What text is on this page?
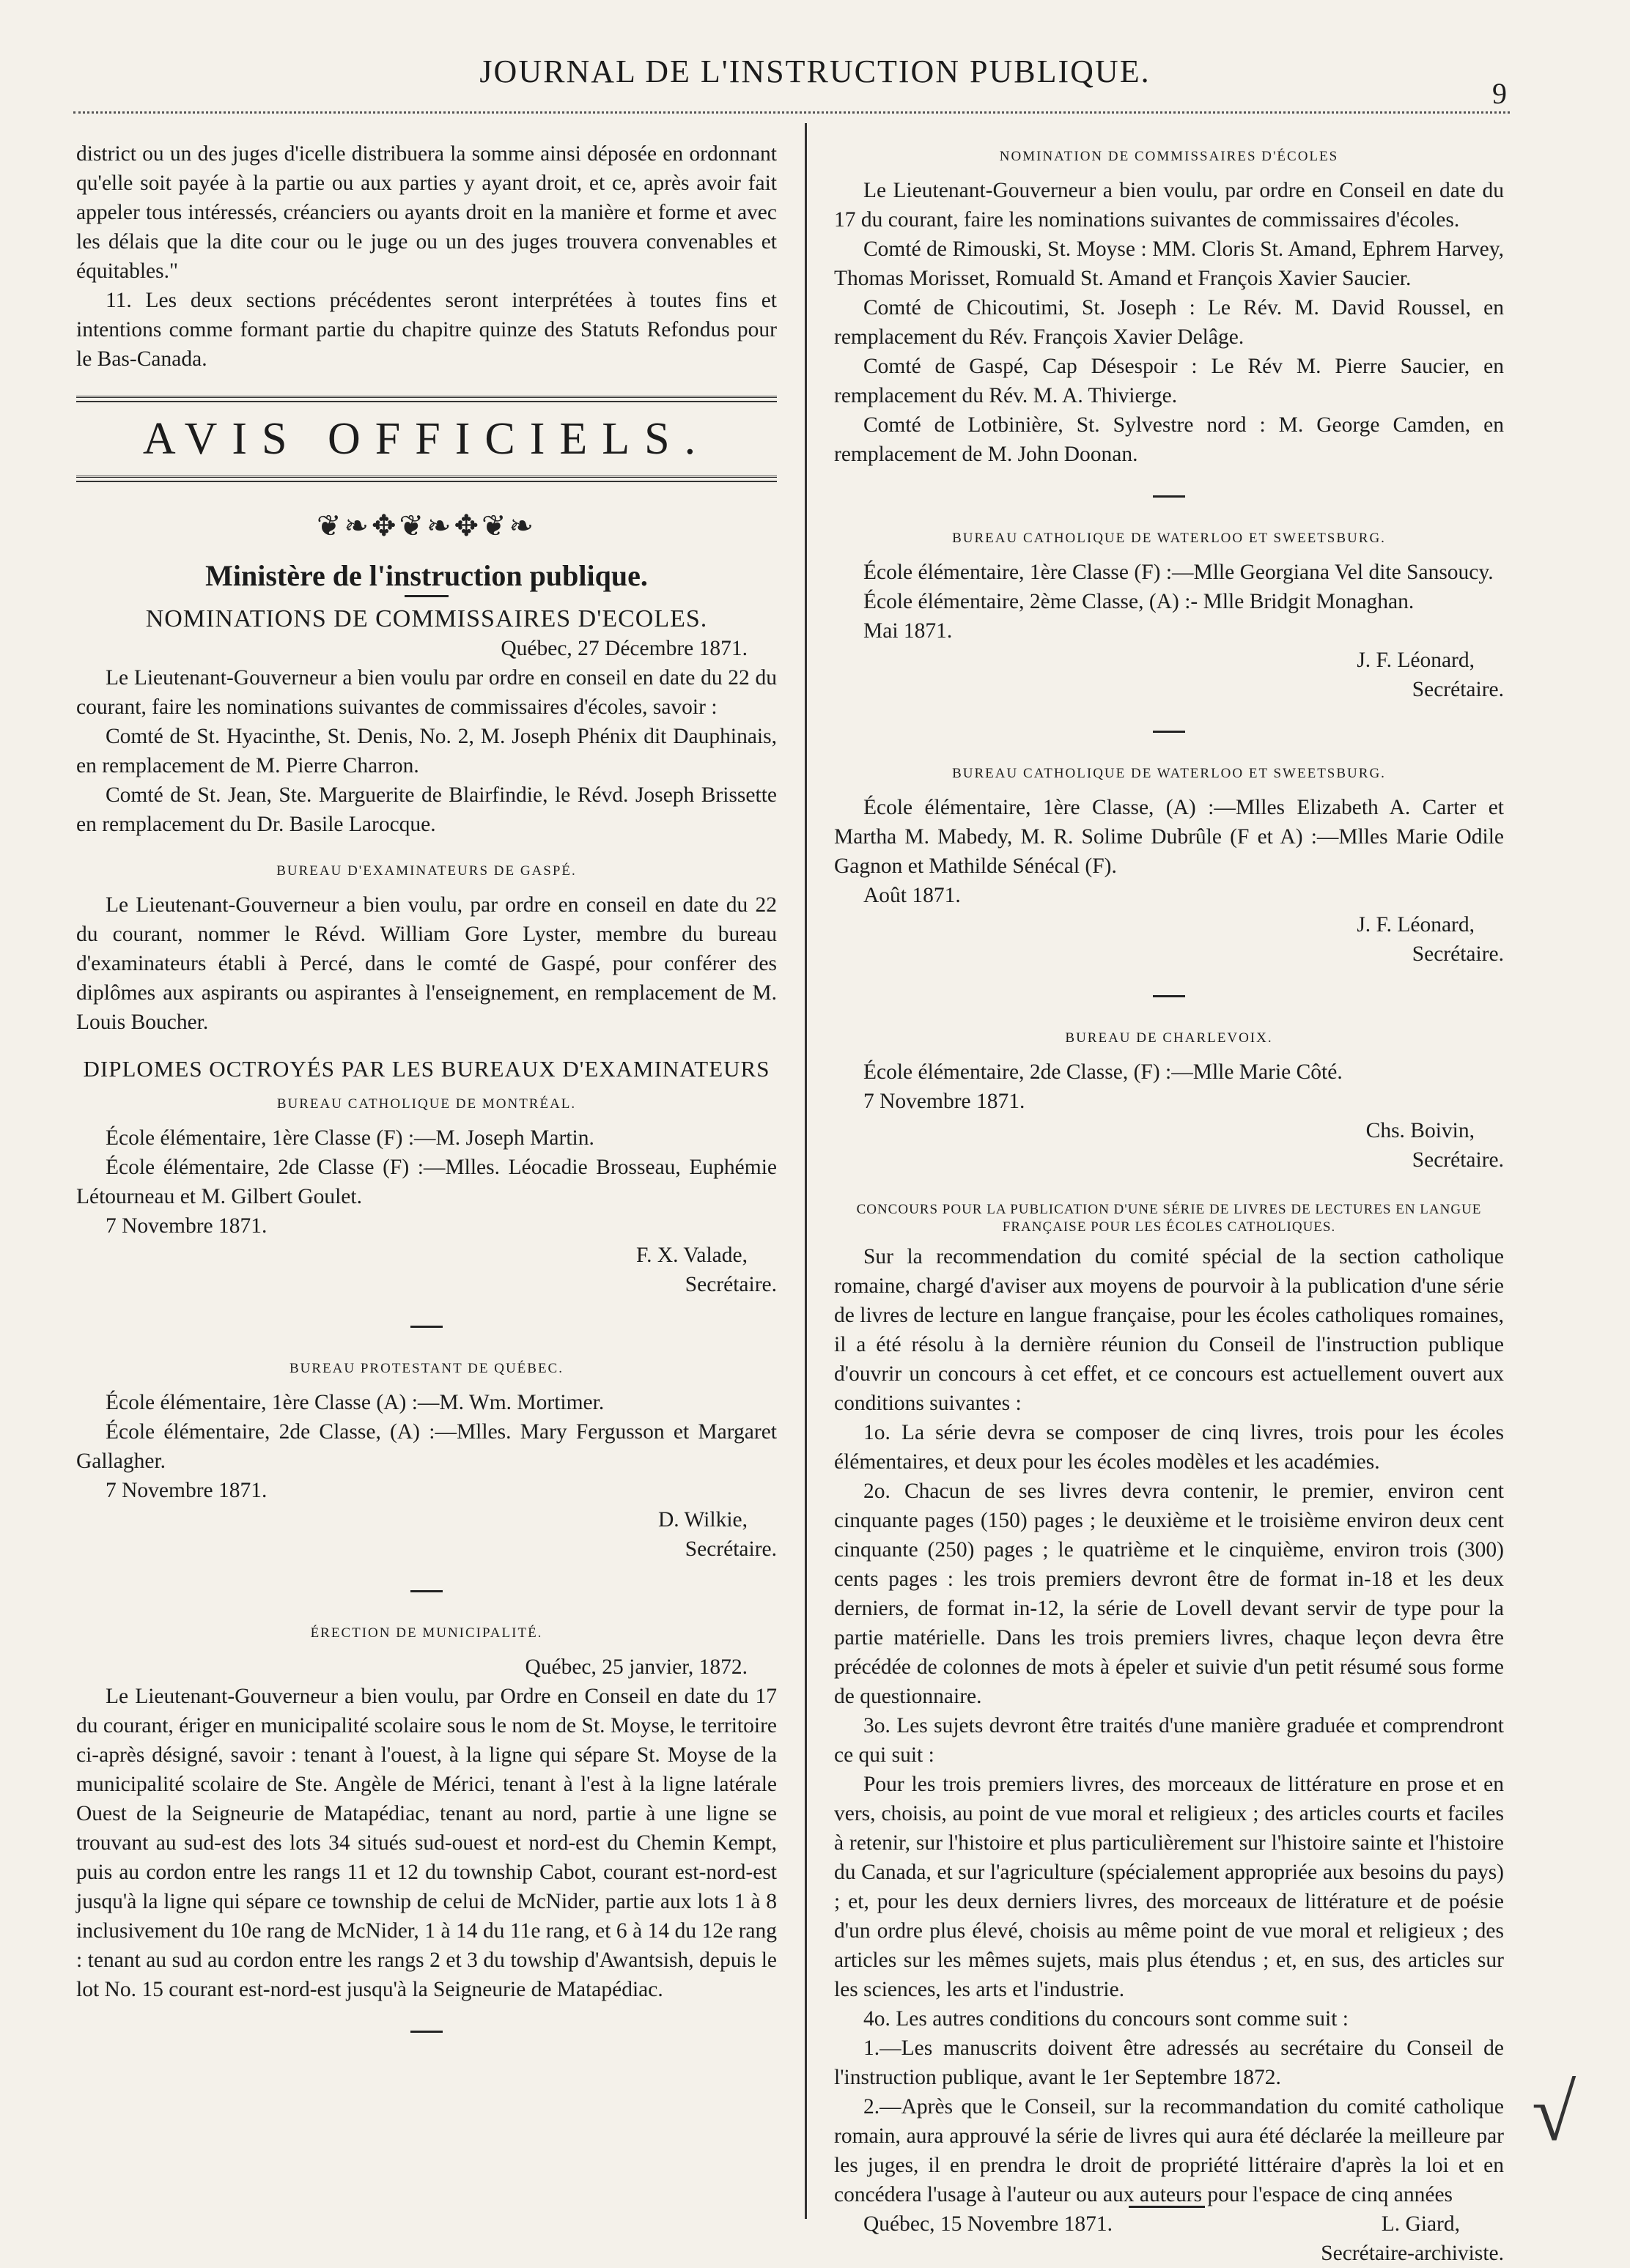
JOURNAL DE L'INSTRUCTION PUBLIQUE.
9

district ou un des juges d'icelle distribuera la somme ainsi déposée en ordonnant qu'elle soit payée à la partie ou aux parties y ayant droit, et ce, après avoir fait appeler tous intéressés, créanciers ou ayants droit en la manière et forme et avec les délais que la dite cour ou le juge ou un des juges trouvera convenables et équitables."

11. Les deux sections précédentes seront interprétées à toutes fins et intentions comme formant partie du chapitre quinze des Statuts Refondus pour le Bas-Canada.

AVIS OFFICIELS.
❦❧✥❦❧✥❦❧
Ministère de l'instruction publique.
NOMINATIONS DE COMMISSAIRES D'ECOLES.
Québec, 27 Décembre 1871.

Le Lieutenant-Gouverneur a bien voulu par ordre en conseil en date du 22 du courant, faire les nominations suivantes de commissaires d'écoles, savoir :

Comté de St. Hyacinthe, St. Denis, No. 2, M. Joseph Phénix dit Dauphinais, en remplacement de M. Pierre Charron.

Comté de St. Jean, Ste. Marguerite de Blairfindie, le Révd. Joseph Brissette en remplacement du Dr. Basile Larocque.

BUREAU D'EXAMINATEURS DE GASPÉ.

Le Lieutenant-Gouverneur a bien voulu, par ordre en conseil en date du 22 du courant, nommer le Révd. William Gore Lyster, membre du bureau d'examinateurs établi à Percé, dans le comté de Gaspé, pour conférer des diplômes aux aspirants ou aspirantes à l'enseignement, en remplacement de M. Louis Boucher.

DIPLOMES OCTROYÉS PAR LES BUREAUX D'EXAMINATEURS
BUREAU CATHOLIQUE DE MONTRÉAL.

École élémentaire, 1ère Classe (F) :—M. Joseph Martin.

École élémentaire, 2de Classe (F) :—Mlles. Léocadie Brosseau, Euphémie Létourneau et M. Gilbert Goulet.

7 Novembre 1871.

F. X. Valade,
Secrétaire.
BUREAU PROTESTANT DE QUÉBEC.

École élémentaire, 1ère Classe (A) :—M. Wm. Mortimer.

École élémentaire, 2de Classe, (A) :—Mlles. Mary Fergusson et Margaret Gallagher.

7 Novembre 1871.

D. Wilkie,
Secrétaire.
ÉRECTION DE MUNICIPALITÉ.
Québec, 25 janvier, 1872.

Le Lieutenant-Gouverneur a bien voulu, par Ordre en Conseil en date du 17 du courant, ériger en municipalité scolaire sous le nom de St. Moyse, le territoire ci-après désigné, savoir : tenant à l'ouest, à la ligne qui sépare St. Moyse de la municipalité scolaire de Ste. Angèle de Mérici, tenant à l'est à la ligne latérale Ouest de la Seigneurie de Matapédiac, tenant au nord, partie à une ligne se trouvant au sud-est des lots 34 situés sud-ouest et nord-est du Chemin Kempt, puis au cordon entre les rangs 11 et 12 du township Cabot, courant est-nord-est jusqu'à la ligne qui sépare ce township de celui de McNider, partie aux lots 1 à 8 inclusivement du 10e rang de McNider, 1 à 14 du 11e rang, et 6 à 14 du 12e rang : tenant au sud au cordon entre les rangs 2 et 3 du towship d'Awantsish, depuis le lot No. 15 courant est-nord-est jusqu'à la Seigneurie de Matapédiac.

NOMINATION DE COMMISSAIRES D'ÉCOLES

Le Lieutenant-Gouverneur a bien voulu, par ordre en Conseil en date du 17 du courant, faire les nominations suivantes de commissaires d'écoles.

Comté de Rimouski, St. Moyse : MM. Cloris St. Amand, Ephrem Harvey, Thomas Morisset, Romuald St. Amand et François Xavier Saucier.

Comté de Chicoutimi, St. Joseph : Le Rév. M. David Roussel, en remplacement du Rév. François Xavier Delâge.

Comté de Gaspé, Cap Désespoir : Le Rév M. Pierre Saucier, en remplacement du Rév. M. A. Thivierge.

Comté de Lotbinière, St. Sylvestre nord : M. George Camden, en remplacement de M. John Doonan.

BUREAU CATHOLIQUE DE WATERLOO ET SWEETSBURG.

École élémentaire, 1ère Classe (F) :—Mlle Georgiana Vel dite Sansoucy.

École élémentaire, 2ème Classe, (A) :- Mlle Bridgit Monaghan.

Mai 1871.

J. F. Léonard,
Secrétaire.
BUREAU CATHOLIQUE DE WATERLOO ET SWEETSBURG.

École élémentaire, 1ère Classe, (A) :—Mlles Elizabeth A. Carter et Martha M. Mabedy, M. R. Solime Dubrûle (F et A) :—Mlles Marie Odile Gagnon et Mathilde Sénécal (F).

Août 1871.

J. F. Léonard,
Secrétaire.
BUREAU DE CHARLEVOIX.

École élémentaire, 2de Classe, (F) :—Mlle Marie Côté.

7 Novembre 1871.

Chs. Boivin,
Secrétaire.
CONCOURS POUR LA PUBLICATION D'UNE SÉRIE DE LIVRES DE LECTURES EN LANGUE FRANÇAISE POUR LES ÉCOLES CATHOLIQUES.

Sur la recommendation du comité spécial de la section catholique romaine, chargé d'aviser aux moyens de pourvoir à la publication d'une série de livres de lecture en langue française, pour les écoles catholiques romaines, il a été résolu à la dernière réunion du Conseil de l'instruction publique d'ouvrir un concours à cet effet, et ce concours est actuellement ouvert aux conditions suivantes :

1o. La série devra se composer de cinq livres, trois pour les écoles élémentaires, et deux pour les écoles modèles et les académies.

2o. Chacun de ses livres devra contenir, le premier, environ cent cinquante pages (150) pages ; le deuxième et le troisième environ deux cent cinquante (250) pages ; le quatrième et le cinquième, environ trois (300) cents pages : les trois premiers devront être de format in-18 et les deux derniers, de format in-12, la série de Lovell devant servir de type pour la partie matérielle. Dans les trois premiers livres, chaque leçon devra être précédée de colonnes de mots à épeler et suivie d'un petit résumé sous forme de questionnaire.

3o. Les sujets devront être traités d'une manière graduée et comprendront ce qui suit :

Pour les trois premiers livres, des morceaux de littérature en prose et en vers, choisis, au point de vue moral et religieux ; des articles courts et faciles à retenir, sur l'histoire et plus particulièrement sur l'histoire sainte et l'histoire du Canada, et sur l'agriculture (spécialement appropriée aux besoins du pays) ; et, pour les deux derniers livres, des morceaux de littérature et de poésie d'un ordre plus élevé, choisis au même point de vue moral et religieux ; des articles sur les mêmes sujets, mais plus étendus ; et, en sus, des articles sur les sciences, les arts et l'industrie.

4o. Les autres conditions du concours sont comme suit :

1.—Les manuscrits doivent être adressés au secrétaire du Conseil de l'instruction publique, avant le 1er Septembre 1872.

2.—Après que le Conseil, sur la recommandation du comité catholique romain, aura approuvé la série de livres qui aura été déclarée la meilleure par les juges, il en prendra le droit de propriété littéraire d'après la loi et en concédera l'usage à l'auteur ou aux auteurs pour l'espace de cinq années

Québec, 15 Novembre 1871.	L. Giard,
Secrétaire-archiviste.
√
